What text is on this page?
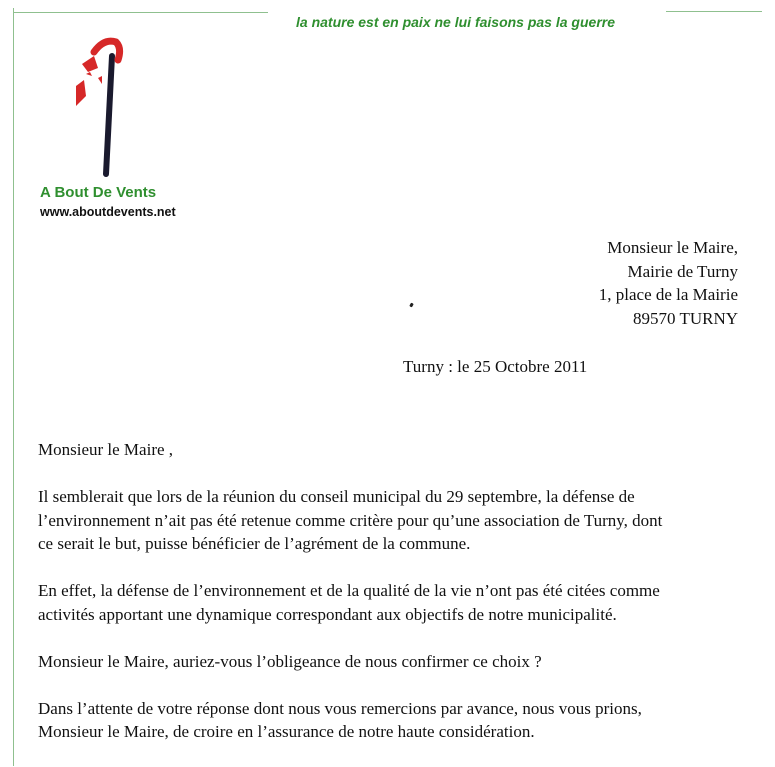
la nature est en paix ne lui faisons pas la guerre
A Bout De Vents
www.aboutdevents.net
Monsieur le Maire,
Mairie de Turny
1, place de la Mairie
89570 TURNY
Turny : le 25 Octobre 2011

Monsieur le Maire ,

Il semblerait que lors de la réunion du conseil municipal du 29 septembre, la défense de
l’environnement n’ait pas été retenue comme critère pour qu’une association de Turny, dont
ce serait le but, puisse bénéficier de l’agrément de la commune.

En effet, la défense de l’environnement et de la qualité de la vie n’ont pas été citées comme
activités apportant une dynamique correspondant aux objectifs de notre municipalité.

Monsieur le Maire, auriez-vous l’obligeance de nous confirmer ce choix ?

Dans l’attente de votre réponse dont nous vous remercions par avance, nous vous prions,
Monsieur le Maire, de croire en l’assurance de notre haute considération.
